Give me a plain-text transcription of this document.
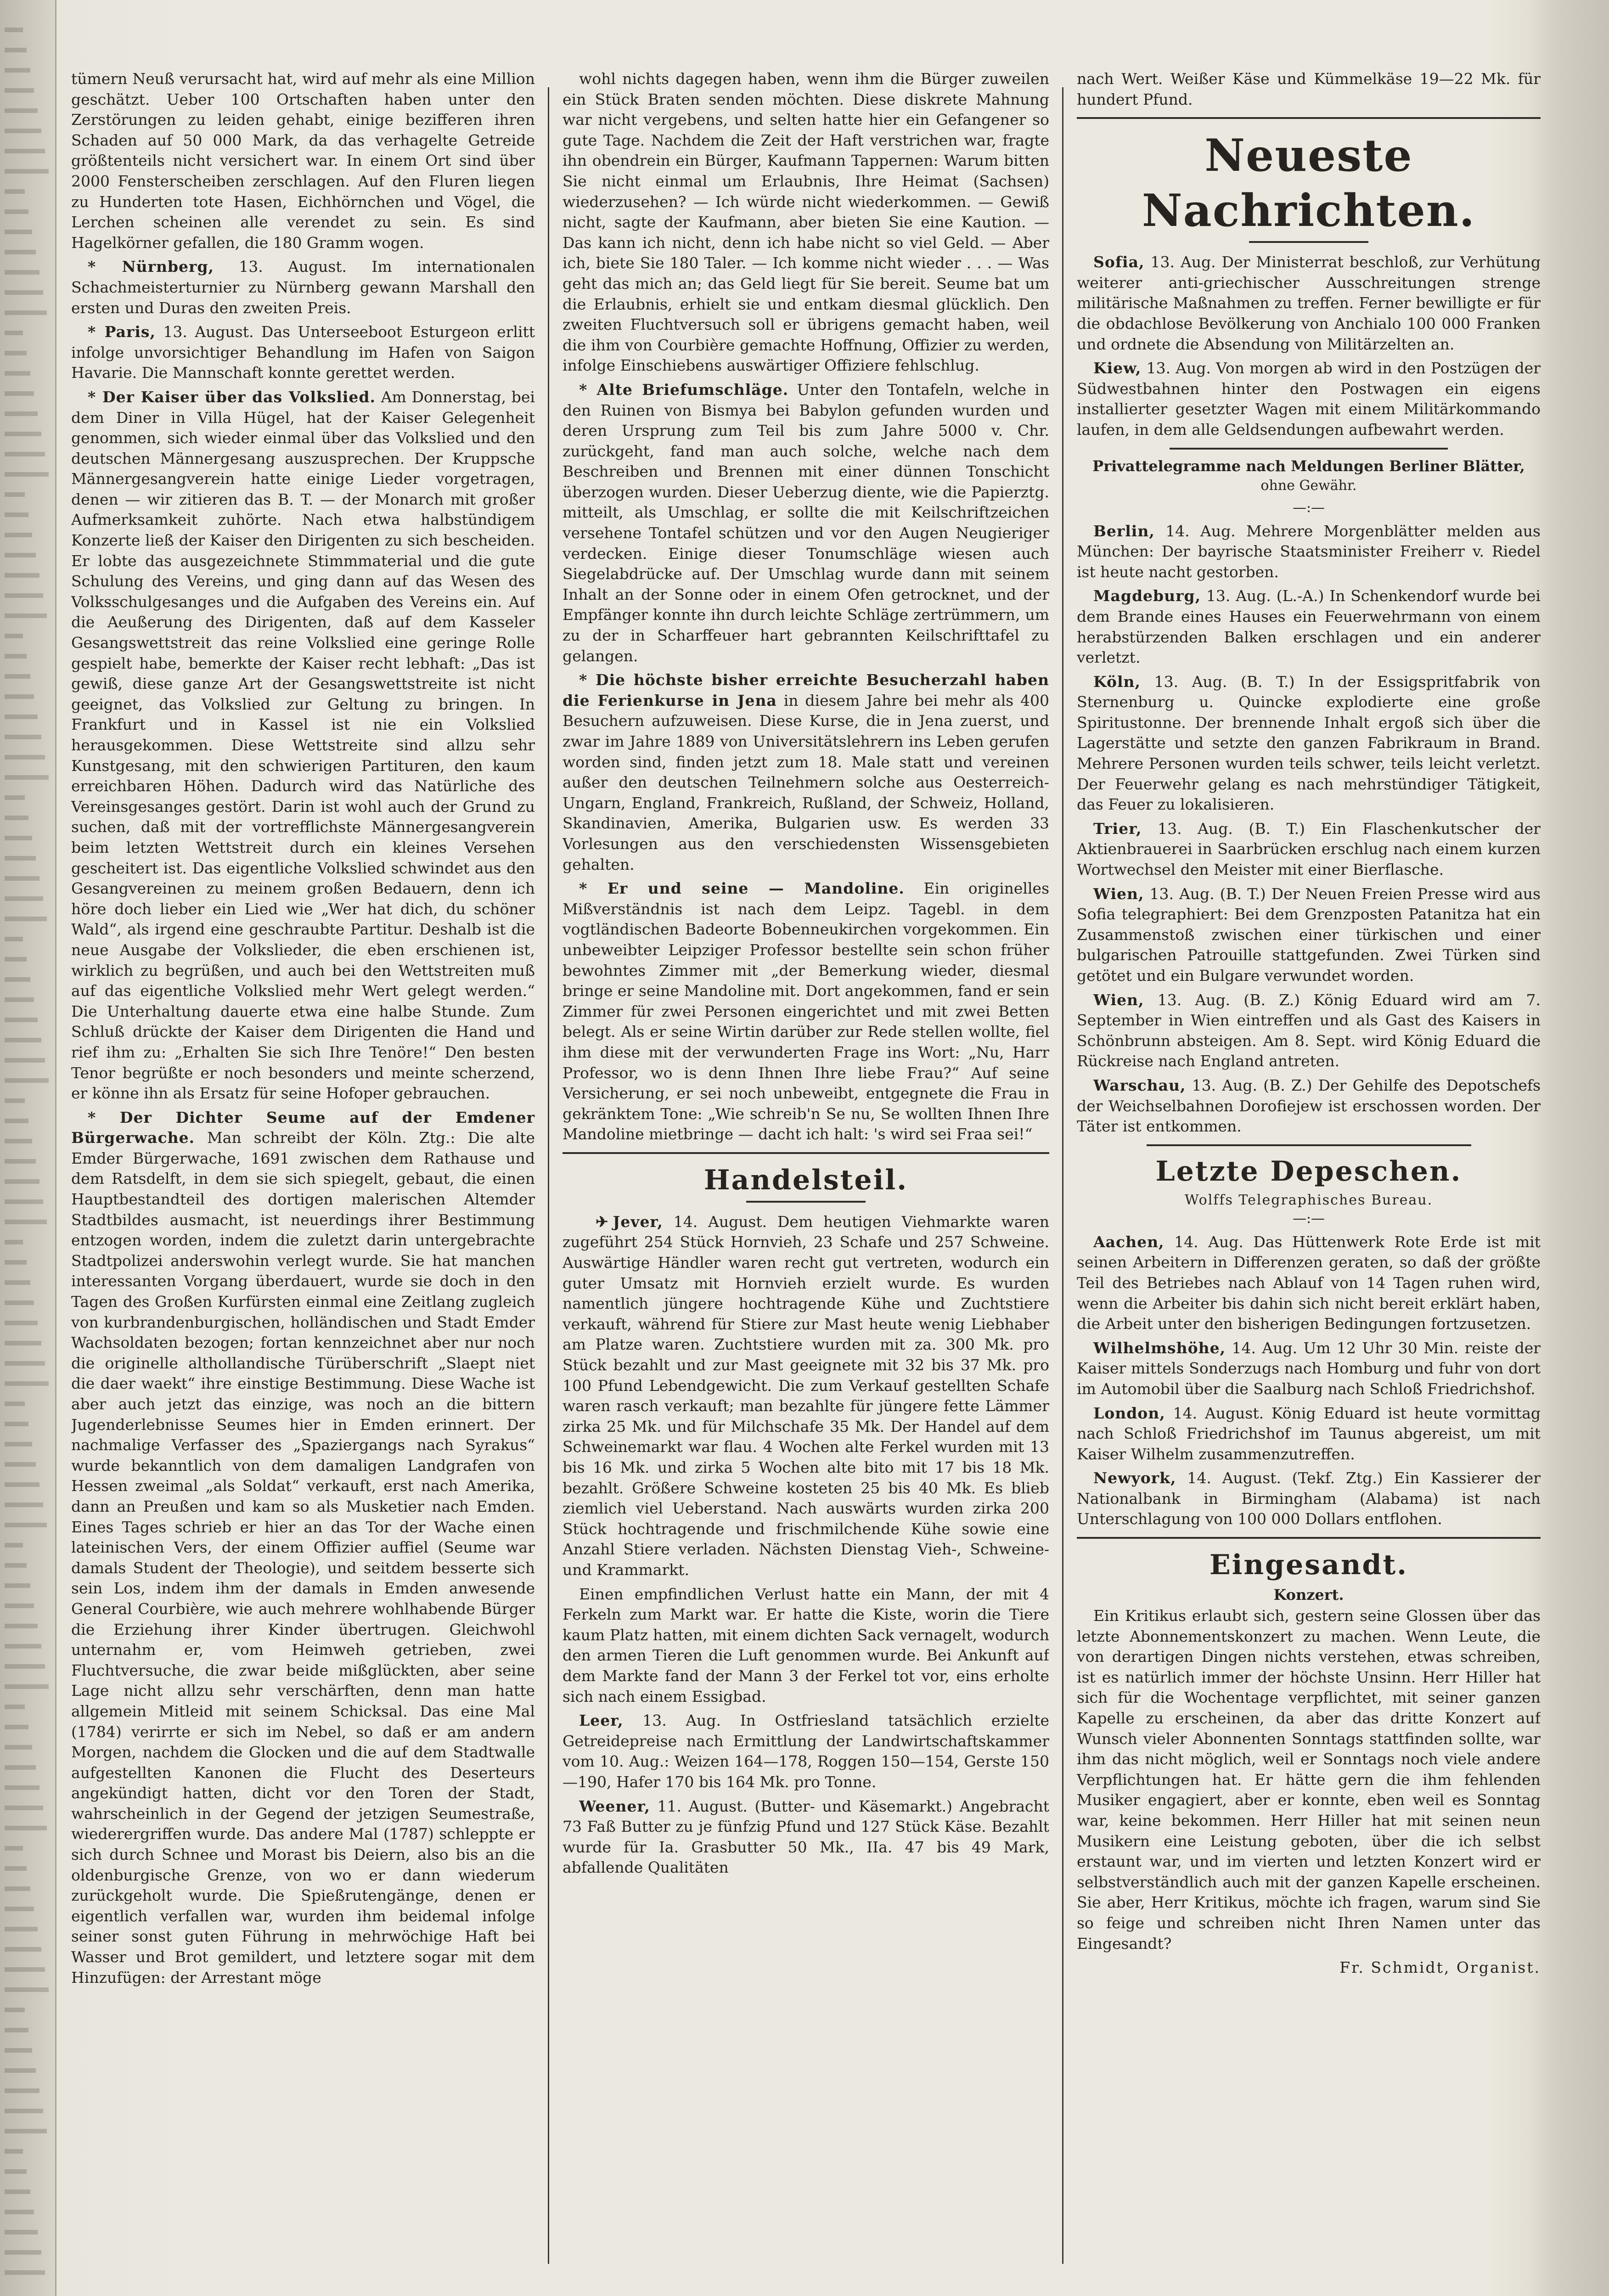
tümern Neuß verursacht hat, wird auf mehr als eine Million geschätzt. Ueber 100 Ortschaften haben unter den Zerstörungen zu leiden gehabt, einige bezifferen ihren Schaden auf 50 000 Mark, da das verhagelte Getreide größtenteils nicht versichert war. In einem Ort sind über 2000 Fensterscheiben zerschlagen. Auf den Fluren liegen zu Hunderten tote Hasen, Eichhörnchen und Vögel, die Lerchen scheinen alle verendet zu sein. Es sind Hagelkörner gefallen, die 180 Gramm wogen.

* Nürnberg, 13. August. Im internationalen Schachmeisterturnier zu Nürnberg gewann Marshall den ersten und Duras den zweiten Preis.

* Paris, 13. August. Das Unterseeboot Esturgeon erlitt infolge unvorsichtiger Behandlung im Hafen von Saigon Havarie. Die Mannschaft konnte gerettet werden.

* Der Kaiser über das Volkslied. Am Donnerstag, bei dem Diner in Villa Hügel, hat der Kaiser Gelegenheit genommen, sich wieder einmal über das Volkslied und den deutschen Männergesang auszusprechen. Der Kruppsche Männergesangverein hatte einige Lieder vorgetragen, denen — wir zitieren das B. T. — der Monarch mit großer Aufmerksamkeit zuhörte. Nach etwa halbstündigem Konzerte ließ der Kaiser den Dirigenten zu sich bescheiden. Er lobte das ausgezeichnete Stimmmaterial und die gute Schulung des Vereins, und ging dann auf das Wesen des Volksschulgesanges und die Aufgaben des Vereins ein. Auf die Aeußerung des Dirigenten, daß auf dem Kasseler Gesangswettstreit das reine Volkslied eine geringe Rolle gespielt habe, bemerkte der Kaiser recht lebhaft: „Das ist gewiß, diese ganze Art der Gesangswettstreite ist nicht geeignet, das Volkslied zur Geltung zu bringen. In Frankfurt und in Kassel ist nie ein Volkslied herausgekommen. Diese Wettstreite sind allzu sehr Kunstgesang, mit den schwierigen Partituren, den kaum erreichbaren Höhen. Dadurch wird das Natürliche des Vereinsgesanges gestört. Darin ist wohl auch der Grund zu suchen, daß mit der vortrefflichste Männergesangverein beim letzten Wettstreit durch ein kleines Versehen gescheitert ist. Das eigentliche Volkslied schwindet aus den Gesangvereinen zu meinem großen Bedauern, denn ich höre doch lieber ein Lied wie „Wer hat dich, du schöner Wald“, als irgend eine geschraubte Partitur. Deshalb ist die neue Ausgabe der Volkslieder, die eben erschienen ist, wirklich zu begrüßen, und auch bei den Wettstreiten muß auf das eigentliche Volkslied mehr Wert gelegt werden.“ Die Unterhaltung dauerte etwa eine halbe Stunde. Zum Schluß drückte der Kaiser dem Dirigenten die Hand und rief ihm zu: „Erhalten Sie sich Ihre Tenöre!“ Den besten Tenor begrüßte er noch besonders und meinte scherzend, er könne ihn als Ersatz für seine Hofoper gebrauchen.

* Der Dichter Seume auf der Emdener Bürgerwache. Man schreibt der Köln. Ztg.: Die alte Emder Bürgerwache, 1691 zwischen dem Rathause und dem Ratsdelft, in dem sie sich spiegelt, gebaut, die einen Hauptbestandteil des dortigen malerischen Altemder Stadtbildes ausmacht, ist neuerdings ihrer Bestimmung entzogen worden, indem die zuletzt darin untergebrachte Stadtpolizei anderswohin verlegt wurde. Sie hat manchen interessanten Vorgang überdauert, wurde sie doch in den Tagen des Großen Kurfürsten einmal eine Zeitlang zugleich von kurbrandenburgischen, holländischen und Stadt Emder Wachsoldaten bezogen; fortan kennzeichnet aber nur noch die originelle althollandische Türüberschrift „Slaept niet die daer waekt“ ihre einstige Bestimmung. Diese Wache ist aber auch jetzt das einzige, was noch an die bittern Jugenderlebnisse Seumes hier in Emden erinnert. Der nachmalige Verfasser des „Spaziergangs nach Syrakus“ wurde bekanntlich von dem damaligen Landgrafen von Hessen zweimal „als Soldat“ verkauft, erst nach Amerika, dann an Preußen und kam so als Musketier nach Emden. Eines Tages schrieb er hier an das Tor der Wache einen lateinischen Vers, der einem Offizier auffiel (Seume war damals Student der Theologie), und seitdem besserte sich sein Los, indem ihm der damals in Emden anwesende General Courbière, wie auch mehrere wohlhabende Bürger die Erziehung ihrer Kinder übertrugen. Gleichwohl unternahm er, vom Heimweh getrieben, zwei Fluchtversuche, die zwar beide mißglückten, aber seine Lage nicht allzu sehr verschärften, denn man hatte allgemein Mitleid mit seinem Schicksal. Das eine Mal (1784) verirrte er sich im Nebel, so daß er am andern Morgen, nachdem die Glocken und die auf dem Stadtwalle aufgestellten Kanonen die Flucht des Deserteurs angekündigt hatten, dicht vor den Toren der Stadt, wahrscheinlich in der Gegend der jetzigen Seumestraße, wiederergriffen wurde. Das andere Mal (1787) schleppte er sich durch Schnee und Morast bis Deiern, also bis an die oldenburgische Grenze, von wo er dann wiederum zurückgeholt wurde. Die Spießrutengänge, denen er eigentlich verfallen war, wurden ihm beidemal infolge seiner sonst guten Führung in mehrwöchige Haft bei Wasser und Brot gemildert, und letztere sogar mit dem Hinzufügen: der Arrestant möge

wohl nichts dagegen haben, wenn ihm die Bürger zuweilen ein Stück Braten senden möchten. Diese diskrete Mahnung war nicht vergebens, und selten hatte hier ein Gefangener so gute Tage. Nachdem die Zeit der Haft verstrichen war, fragte ihn obendrein ein Bürger, Kaufmann Tappernen: Warum bitten Sie nicht einmal um Erlaubnis, Ihre Heimat (Sachsen) wiederzusehen? — Ich würde nicht wiederkommen. — Gewiß nicht, sagte der Kaufmann, aber bieten Sie eine Kaution. — Das kann ich nicht, denn ich habe nicht so viel Geld. — Aber ich, biete Sie 180 Taler. — Ich komme nicht wieder . . . — Was geht das mich an; das Geld liegt für Sie bereit. Seume bat um die Erlaubnis, erhielt sie und entkam diesmal glücklich. Den zweiten Fluchtversuch soll er übrigens gemacht haben, weil die ihm von Courbière gemachte Hoffnung, Offizier zu werden, infolge Einschiebens auswärtiger Offiziere fehlschlug.

* Alte Briefumschläge. Unter den Tontafeln, welche in den Ruinen von Bismya bei Babylon gefunden wurden und deren Ursprung zum Teil bis zum Jahre 5000 v. Chr. zurückgeht, fand man auch solche, welche nach dem Beschreiben und Brennen mit einer dünnen Tonschicht überzogen wurden. Dieser Ueberzug diente, wie die Papierztg. mitteilt, als Umschlag, er sollte die mit Keilschriftzeichen versehene Tontafel schützen und vor den Augen Neugieriger verdecken. Einige dieser Tonumschläge wiesen auch Siegelabdrücke auf. Der Umschlag wurde dann mit seinem Inhalt an der Sonne oder in einem Ofen getrocknet, und der Empfänger konnte ihn durch leichte Schläge zertrümmern, um zu der in Scharffeuer hart gebrannten Keilschrifttafel zu gelangen.

* Die höchste bisher erreichte Besucherzahl haben die Ferienkurse in Jena in diesem Jahre bei mehr als 400 Besuchern aufzuweisen. Diese Kurse, die in Jena zuerst, und zwar im Jahre 1889 von Universitätslehrern ins Leben gerufen worden sind, finden jetzt zum 18. Male statt und vereinen außer den deutschen Teilnehmern solche aus Oesterreich-Ungarn, England, Frankreich, Rußland, der Schweiz, Holland, Skandinavien, Amerika, Bulgarien usw. Es werden 33 Vorlesungen aus den verschiedensten Wissensgebieten gehalten.

* Er und seine — Mandoline. Ein originelles Mißverständnis ist nach dem Leipz. Tagebl. in dem vogtländischen Badeorte Bobenneukirchen vorgekommen. Ein unbeweibter Leipziger Professor bestellte sein schon früher bewohntes Zimmer mit „der Bemerkung wieder, diesmal bringe er seine Mandoline mit. Dort angekommen, fand er sein Zimmer für zwei Personen eingerichtet und mit zwei Betten belegt. Als er seine Wirtin darüber zur Rede stellen wollte, fiel ihm diese mit der verwunderten Frage ins Wort: „Nu, Harr Professor, wo is denn Ihnen Ihre liebe Frau?“ Auf seine Versicherung, er sei noch unbeweibt, entgegnete die Frau in gekränktem Tone: „Wie schreib'n Se nu, Se wollten Ihnen Ihre Mandoline mietbringe — dacht ich halt: 's wird sei Fraa sei!“

Handelsteil.

✈ Jever, 14. August. Dem heutigen Viehmarkte waren zugeführt 254 Stück Hornvieh, 23 Schafe und 257 Schweine. Auswärtige Händler waren recht gut vertreten, wodurch ein guter Umsatz mit Hornvieh erzielt wurde. Es wurden namentlich jüngere hochtragende Kühe und Zuchtstiere verkauft, während für Stiere zur Mast heute wenig Liebhaber am Platze waren. Zuchtstiere wurden mit za. 300 Mk. pro Stück bezahlt und zur Mast geeignete mit 32 bis 37 Mk. pro 100 Pfund Lebendgewicht. Die zum Verkauf gestellten Schafe waren rasch verkauft; man bezahlte für jüngere fette Lämmer zirka 25 Mk. und für Milchschafe 35 Mk. Der Handel auf dem Schweinemarkt war flau. 4 Wochen alte Ferkel wurden mit 13 bis 16 Mk. und zirka 5 Wochen alte bito mit 17 bis 18 Mk. bezahlt. Größere Schweine kosteten 25 bis 40 Mk. Es blieb ziemlich viel Ueberstand. Nach auswärts wurden zirka 200 Stück hochtragende und frischmilchende Kühe sowie eine Anzahl Stiere verladen. Nächsten Dienstag Vieh-, Schweine- und Krammarkt.

Einen empfindlichen Verlust hatte ein Mann, der mit 4 Ferkeln zum Markt war. Er hatte die Kiste, worin die Tiere kaum Platz hatten, mit einem dichten Sack vernagelt, wodurch den armen Tieren die Luft genommen wurde. Bei Ankunft auf dem Markte fand der Mann 3 der Ferkel tot vor, eins erholte sich nach einem Essigbad.

Leer, 13. Aug. In Ostfriesland tatsächlich erzielte Getreidepreise nach Ermittlung der Landwirtschaftskammer vom 10. Aug.: Weizen 164—178, Roggen 150—154, Gerste 150—190, Hafer 170 bis 164 Mk. pro Tonne.

Weener, 11. August. (Butter- und Käsemarkt.) Angebracht 73 Faß Butter zu je fünfzig Pfund und 127 Stück Käse. Bezahlt wurde für Ia. Grasbutter 50 Mk., IIa. 47 bis 49 Mark, abfallende Qualitäten

nach Wert. Weißer Käse und Kümmelkäse 19—22 Mk. für hundert Pfund.

Neueste Nachrichten.

Sofia, 13. Aug. Der Ministerrat beschloß, zur Verhütung weiterer anti-griechischer Ausschreitungen strenge militärische Maßnahmen zu treffen. Ferner bewilligte er für die obdachlose Bevölkerung von Anchialo 100 000 Franken und ordnete die Absendung von Militärzelten an.

Kiew, 13. Aug. Von morgen ab wird in den Postzügen der Südwestbahnen hinter den Postwagen ein eigens installierter gesetzter Wagen mit einem Militärkommando laufen, in dem alle Geldsendungen aufbewahrt werden.

Privattelegramme nach Meldungen Berliner Blätter,
ohne Gewähr.
—:—

Berlin, 14. Aug. Mehrere Morgenblätter melden aus München: Der bayrische Staatsminister Freiherr v. Riedel ist heute nacht gestorben.

Magdeburg, 13. Aug. (L.-A.) In Schenkendorf wurde bei dem Brande eines Hauses ein Feuerwehrmann von einem herabstürzenden Balken erschlagen und ein anderer verletzt.

Köln, 13. Aug. (B. T.) In der Essigspritfabrik von Sternenburg u. Quincke explodierte eine große Spiritustonne. Der brennende Inhalt ergoß sich über die Lagerstätte und setzte den ganzen Fabrikraum in Brand. Mehrere Personen wurden teils schwer, teils leicht verletzt. Der Feuerwehr gelang es nach mehrstündiger Tätigkeit, das Feuer zu lokalisieren.

Trier, 13. Aug. (B. T.) Ein Flaschenkutscher der Aktienbrauerei in Saarbrücken erschlug nach einem kurzen Wortwechsel den Meister mit einer Bierflasche.

Wien, 13. Aug. (B. T.) Der Neuen Freien Presse wird aus Sofia telegraphiert: Bei dem Grenzposten Patanitza hat ein Zusammenstoß zwischen einer türkischen und einer bulgarischen Patrouille stattgefunden. Zwei Türken sind getötet und ein Bulgare verwundet worden.

Wien, 13. Aug. (B. Z.) König Eduard wird am 7. September in Wien eintreffen und als Gast des Kaisers in Schönbrunn absteigen. Am 8. Sept. wird König Eduard die Rückreise nach England antreten.

Warschau, 13. Aug. (B. Z.) Der Gehilfe des Depotschefs der Weichselbahnen Dorofiejew ist erschossen worden. Der Täter ist entkommen.

Letzte Depeschen.
Wolffs Telegraphisches Bureau.
—:—

Aachen, 14. Aug. Das Hüttenwerk Rote Erde ist mit seinen Arbeitern in Differenzen geraten, so daß der größte Teil des Betriebes nach Ablauf von 14 Tagen ruhen wird, wenn die Arbeiter bis dahin sich nicht bereit erklärt haben, die Arbeit unter den bisherigen Bedingungen fortzusetzen.

Wilhelmshöhe, 14. Aug. Um 12 Uhr 30 Min. reiste der Kaiser mittels Sonderzugs nach Homburg und fuhr von dort im Automobil über die Saalburg nach Schloß Friedrichshof.

London, 14. August. König Eduard ist heute vormittag nach Schloß Friedrichshof im Taunus abgereist, um mit Kaiser Wilhelm zusammenzutreffen.

Newyork, 14. August. (Tekf. Ztg.) Ein Kassierer der Nationalbank in Birmingham (Alabama) ist nach Unterschlagung von 100 000 Dollars entflohen.

Eingesandt.
Konzert.

Ein Kritikus erlaubt sich, gestern seine Glossen über das letzte Abonnementskonzert zu machen. Wenn Leute, die von derartigen Dingen nichts verstehen, etwas schreiben, ist es natürlich immer der höchste Unsinn. Herr Hiller hat sich für die Wochentage verpflichtet, mit seiner ganzen Kapelle zu erscheinen, da aber das dritte Konzert auf Wunsch vieler Abonnenten Sonntags stattfinden sollte, war ihm das nicht möglich, weil er Sonntags noch viele andere Verpflichtungen hat. Er hätte gern die ihm fehlenden Musiker engagiert, aber er konnte, eben weil es Sonntag war, keine bekommen. Herr Hiller hat mit seinen neun Musikern eine Leistung geboten, über die ich selbst erstaunt war, und im vierten und letzten Konzert wird er selbstverständlich auch mit der ganzen Kapelle erscheinen. Sie aber, Herr Kritikus, möchte ich fragen, warum sind Sie so feige und schreiben nicht Ihren Namen unter das Eingesandt?

Fr. Schmidt, Organist.
